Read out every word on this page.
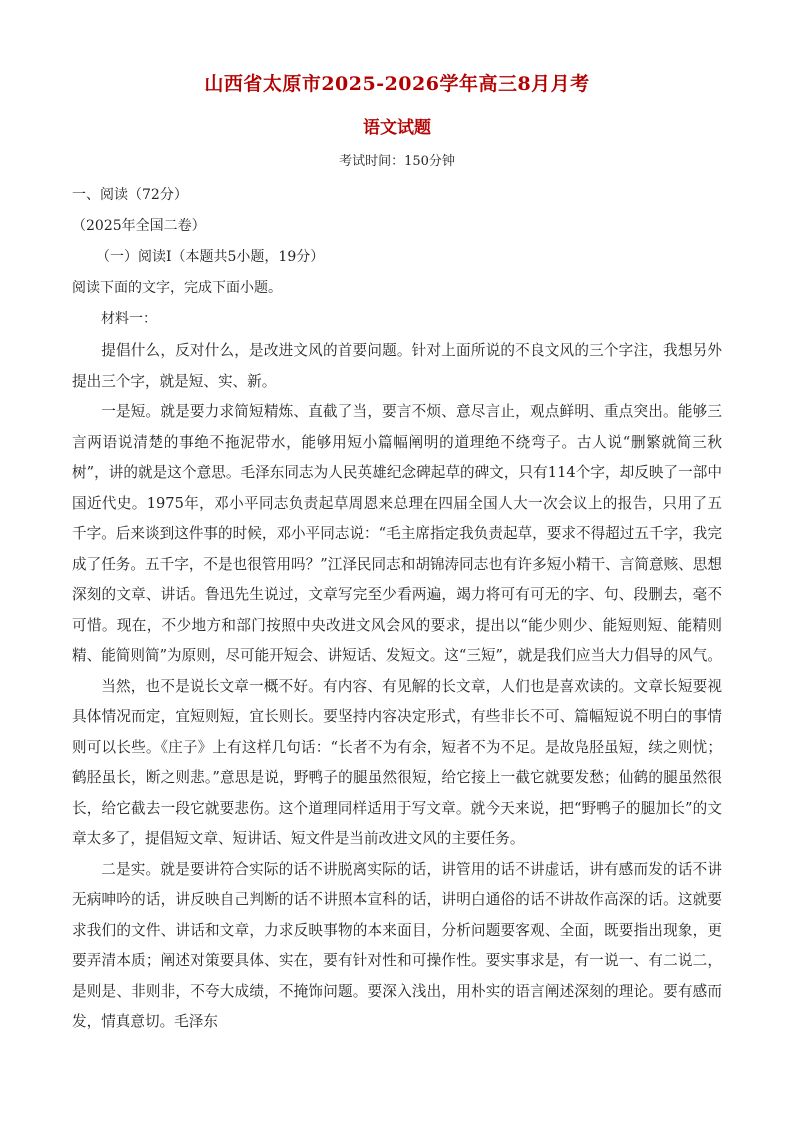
山西省太原市2025-2026学年高三8月月考
语文试题
考试时间：150分钟
一、阅读（72分）
（2025年全国二卷）
（一）阅读Ⅰ（本题共5小题，19分）
阅读下面的文字，完成下面小题。
材料一：

提倡什么，反对什么，是改进文风的首要问题。针对上面所说的不良文风的三个字注，我想另外提出三个字，就是短、实、新。

一是短。就是要力求简短精炼、直截了当，要言不烦、意尽言止，观点鲜明、重点突出。能够三言两语说清楚的事绝不拖泥带水，能够用短小篇幅阐明的道理绝不绕弯子。古人说“删繁就简三秋树”，讲的就是这个意思。毛泽东同志为人民英雄纪念碑起草的碑文，只有114个字，却反映了一部中国近代史。1975年，邓小平同志负责起草周恩来总理在四届全国人大一次会议上的报告，只用了五千字。后来谈到这件事的时候，邓小平同志说：“毛主席指定我负责起草，要求不得超过五千字，我完成了任务。五千字，不是也很管用吗？”江泽民同志和胡锦涛同志也有许多短小精干、言简意赅、思想深刻的文章、讲话。鲁迅先生说过，文章写完至少看两遍，竭力将可有可无的字、句、段删去，毫不可惜。现在，不少地方和部门按照中央改进文风会风的要求，提出以“能少则少、能短则短、能精则精、能简则简”为原则，尽可能开短会、讲短话、发短文。这“三短”，就是我们应当大力倡导的风气。

当然，也不是说长文章一概不好。有内容、有见解的长文章，人们也是喜欢读的。文章长短要视具体情况而定，宜短则短，宜长则长。要坚持内容决定形式，有些非长不可、篇幅短说不明白的事情则可以长些。《庄子》上有这样几句话：“长者不为有余，短者不为不足。是故凫胫虽短，续之则忧；鹤胫虽长，断之则悲。”意思是说，野鸭子的腿虽然很短，给它接上一截它就要发愁；仙鹤的腿虽然很长，给它截去一段它就要悲伤。这个道理同样适用于写文章。就今天来说，把“野鸭子的腿加长”的文章太多了，提倡短文章、短讲话、短文件是当前改进文风的主要任务。

二是实。就是要讲符合实际的话不讲脱离实际的话，讲管用的话不讲虚话，讲有感而发的话不讲无病呻吟的话，讲反映自己判断的话不讲照本宣科的话，讲明白通俗的话不讲故作高深的话。这就要求我们的文件、讲话和文章，力求反映事物的本来面目，分析问题要客观、全面，既要指出现象，更要弄清本质；阐述对策要具体、实在，要有针对性和可操作性。要实事求是，有一说一、有二说二，是则是、非则非，不夸大成绩，不掩饰问题。要深入浅出，用朴实的语言阐述深刻的理论。要有感而发，情真意切。毛泽东
